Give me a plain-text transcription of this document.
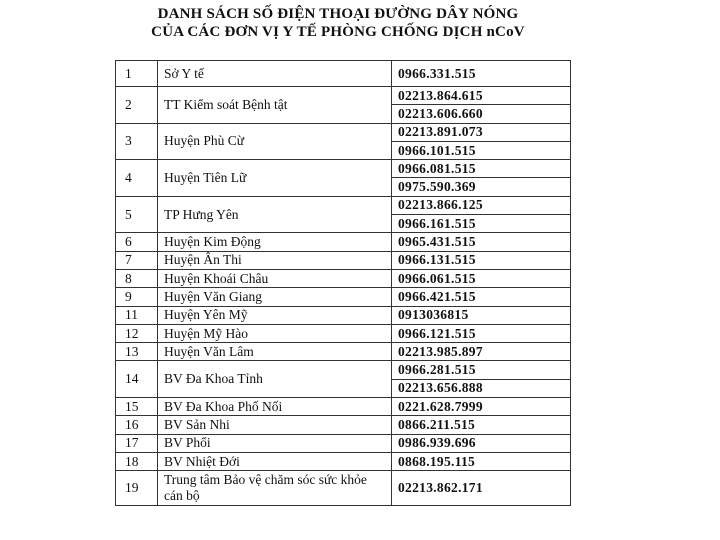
DANH SÁCH SỐ ĐIỆN THOẠI ĐƯỜNG DÂY NÓNG
CỦA CÁC ĐƠN VỊ Y TẾ PHÒNG CHỐNG DỊCH nCoV
1	Sở Y tế	0966.331.515
2	TT Kiểm soát Bệnh tật	02213.864.615
		02213.606.660
3	Huyện Phù Cừ	02213.891.073
		0966.101.515
4	Huyện Tiên Lữ	0966.081.515
		0975.590.369
5	TP Hưng Yên	02213.866.125
		0966.161.515
6	Huyện Kim Động	0965.431.515
7	Huyện Ân Thi	0966.131.515
8	Huyện Khoái Châu	0966.061.515
9	Huyện Văn Giang	0966.421.515
11	Huyện Yên Mỹ	0913036815
12	Huyện Mỹ Hào	0966.121.515
13	Huyện Văn Lâm	02213.985.897
14	BV Đa Khoa Tỉnh	0966.281.515
		02213.656.888
15	BV Đa Khoa Phố Nối	0221.628.7999
16	BV Sản Nhi	0866.211.515
17	BV Phổi	0986.939.696
18	BV Nhiệt Đới	0868.195.115
19	Trung tâm Bảo vệ chăm sóc sức khỏe cán bộ	02213.862.171
